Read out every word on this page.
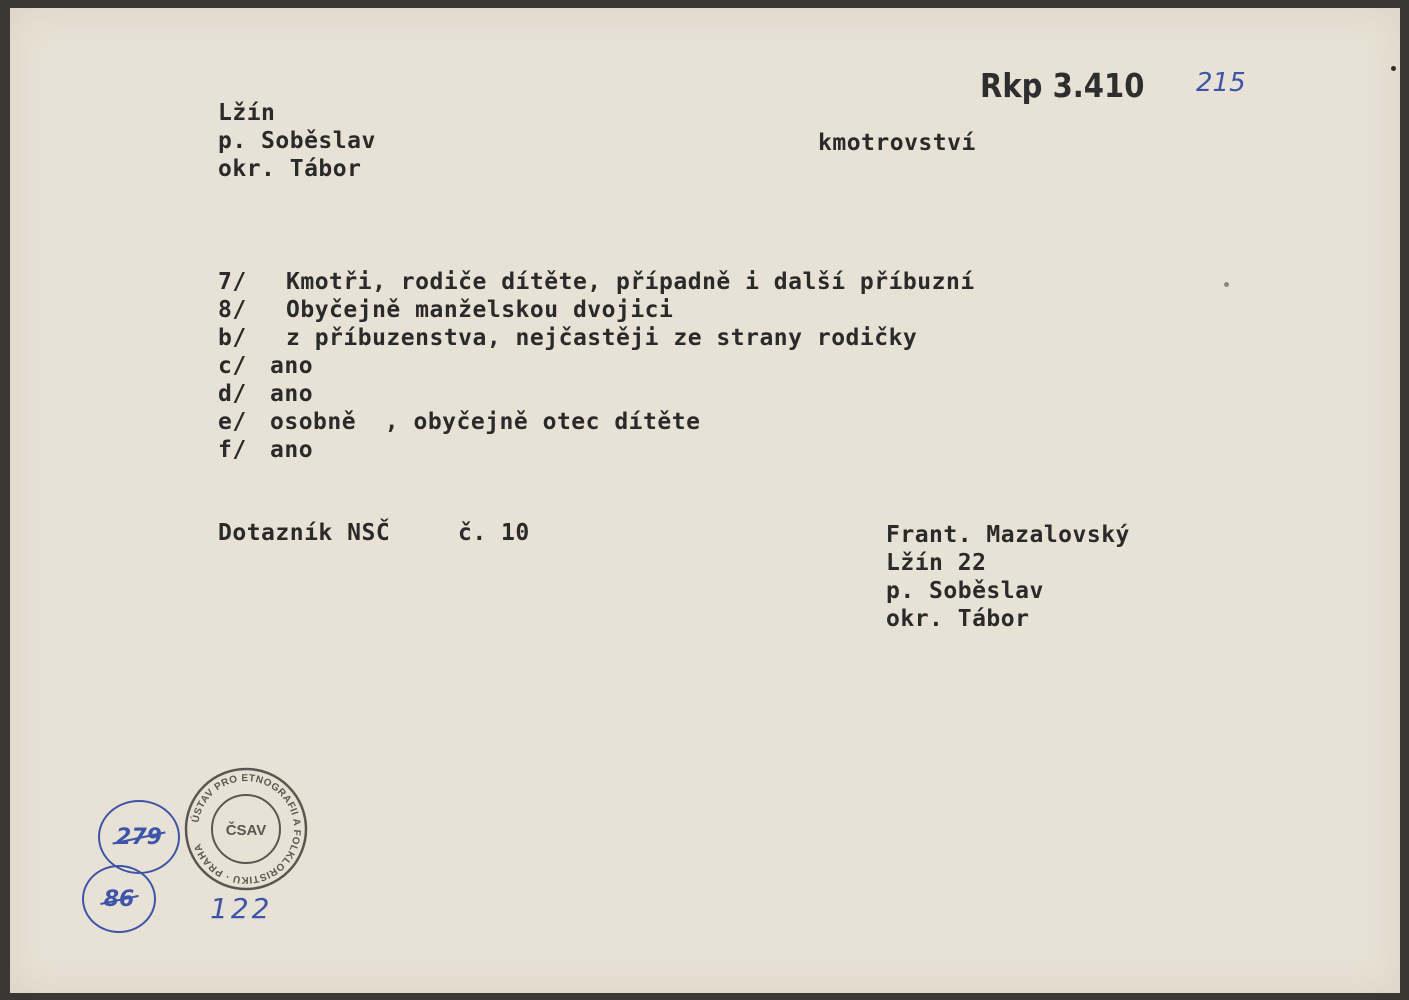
Rkp 3.410 215
Lžín
p. Soběslav
okr. Tábor
kmotrovství
7/ Kmotři, rodiče dítěte, případně i další příbuzní
8/ Obyčejně manželskou dvojici
b/ z příbuzenstva, nejčastěji ze strany rodičky
c/ ano
d/ ano
e/ osobně  , obyčejně otec dítěte
f/ ano
Dotazník NSČ	č. 10	Frant. Mazalovský
Lžín 22
p. Soběslav
okr. Tábor
279
86	122
ÚSTAV PRO ETNOGRAFII A FOLKLORISTIKU · PRAHA
ČSAV
